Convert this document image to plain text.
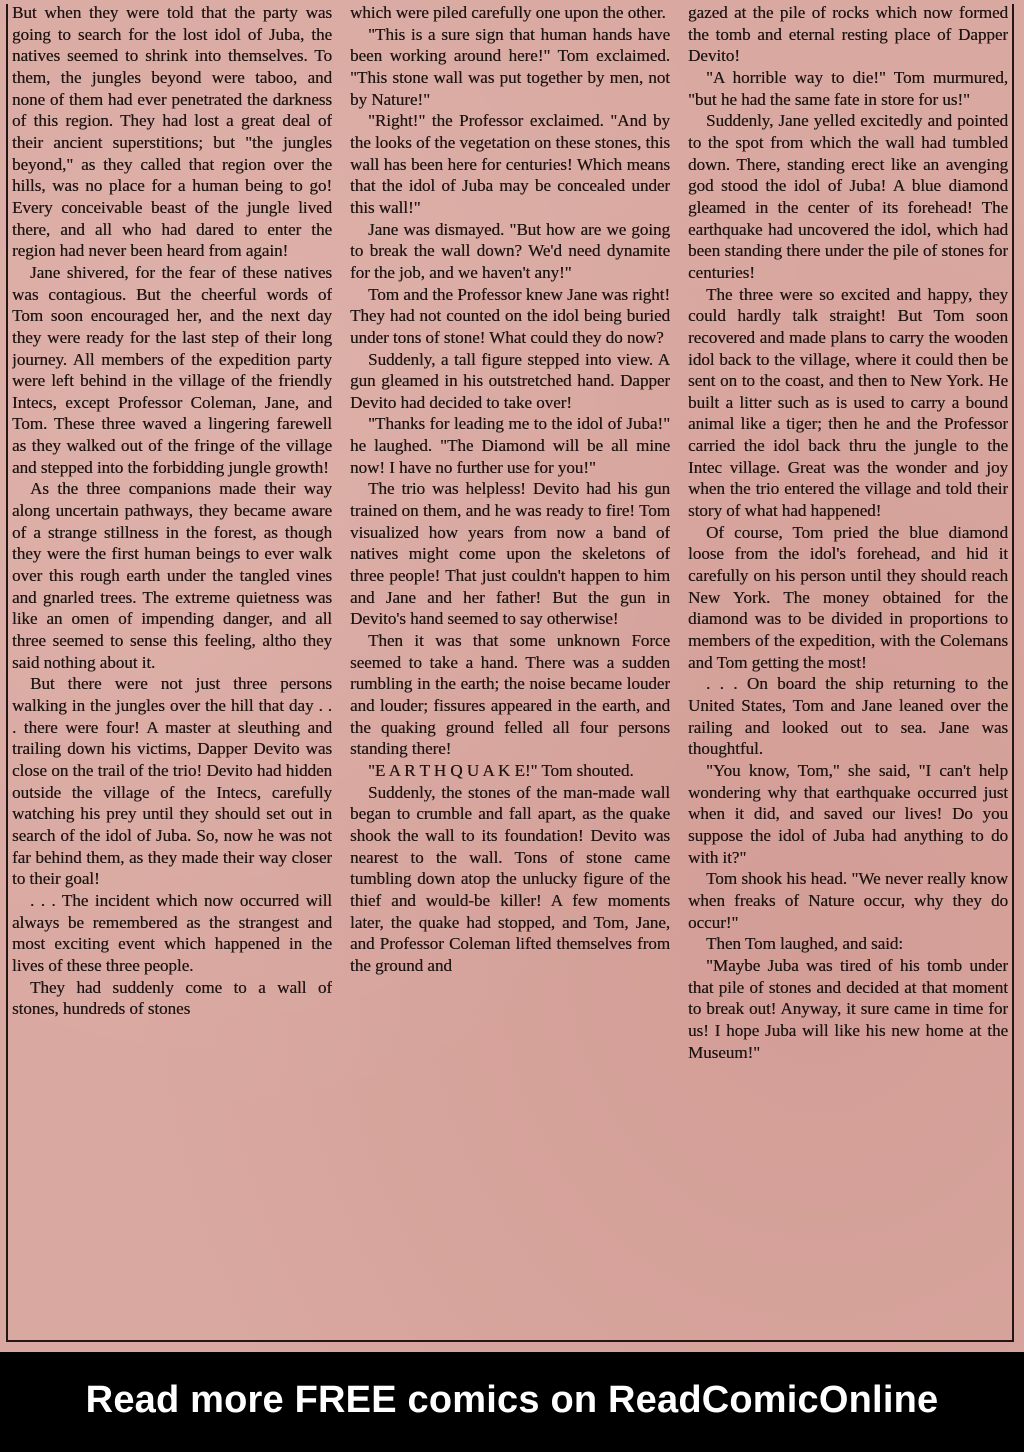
But when they were told that the party was going to search for the lost idol of Juba, the natives seemed to shrink into themselves. To them, the jungles beyond were taboo, and none of them had ever penetrated the darkness of this region. They had lost a great deal of their ancient superstitions; but "the jungles beyond," as they called that region over the hills, was no place for a human being to go! Every conceivable beast of the jungle lived there, and all who had dared to enter the region had never been heard from again!

Jane shivered, for the fear of these natives was contagious. But the cheerful words of Tom soon encouraged her, and the next day they were ready for the last step of their long journey. All members of the expedition party were left behind in the village of the friendly Intecs, except Professor Coleman, Jane, and Tom. These three waved a lingering farewell as they walked out of the fringe of the village and stepped into the forbidding jungle growth!

As the three companions made their way along uncertain pathways, they became aware of a strange stillness in the forest, as though they were the first human beings to ever walk over this rough earth under the tangled vines and gnarled trees. The extreme quietness was like an omen of impending danger, and all three seemed to sense this feeling, altho they said nothing about it.

But there were not just three persons walking in the jungles over the hill that day . . . there were four! A master at sleuthing and trailing down his victims, Dapper Devito was close on the trail of the trio! Devito had hidden outside the village of the Intecs, carefully watching his prey until they should set out in search of the idol of Juba. So, now he was not far behind them, as they made their way closer to their goal!

. . . The incident which now occurred will always be remembered as the strangest and most exciting event which happened in the lives of these three people.

They had suddenly come to a wall of stones, hundreds of stones

which were piled carefully one upon the other.

"This is a sure sign that human hands have been working around here!" Tom exclaimed. "This stone wall was put together by men, not by Nature!"

"Right!" the Professor exclaimed. "And by the looks of the vegetation on these stones, this wall has been here for centuries! Which means that the idol of Juba may be concealed under this wall!"

Jane was dismayed. "But how are we going to break the wall down? We'd need dynamite for the job, and we haven't any!"

Tom and the Professor knew Jane was right! They had not counted on the idol being buried under tons of stone! What could they do now?

Suddenly, a tall figure stepped into view. A gun gleamed in his outstretched hand. Dapper Devito had decided to take over!

"Thanks for leading me to the idol of Juba!" he laughed. "The Diamond will be all mine now! I have no further use for you!"

The trio was helpless! Devito had his gun trained on them, and he was ready to fire! Tom visualized how years from now a band of natives might come upon the skeletons of three people! That just couldn't happen to him and Jane and her father! But the gun in Devito's hand seemed to say otherwise!

Then it was that some unknown Force seemed to take a hand. There was a sudden rumbling in the earth; the noise became louder and louder; fissures appeared in the earth, and the quaking ground felled all four persons standing there!

"E A R T H Q U A K E!" Tom shouted.

Suddenly, the stones of the man-made wall began to crumble and fall apart, as the quake shook the wall to its foundation! Devito was nearest to the wall. Tons of stone came tumbling down atop the unlucky figure of the thief and would-be killer! A few moments later, the quake had stopped, and Tom, Jane, and Professor Coleman lifted themselves from the ground and

gazed at the pile of rocks which now formed the tomb and eternal resting place of Dapper Devito!

"A horrible way to die!" Tom murmured, "but he had the same fate in store for us!"

Suddenly, Jane yelled excitedly and pointed to the spot from which the wall had tumbled down. There, standing erect like an avenging god stood the idol of Juba! A blue diamond gleamed in the center of its forehead! The earthquake had uncovered the idol, which had been standing there under the pile of stones for centuries!

The three were so excited and happy, they could hardly talk straight! But Tom soon recovered and made plans to carry the wooden idol back to the village, where it could then be sent on to the coast, and then to New York. He built a litter such as is used to carry a bound animal like a tiger; then he and the Professor carried the idol back thru the jungle to the Intec village. Great was the wonder and joy when the trio entered the village and told their story of what had happened!

Of course, Tom pried the blue diamond loose from the idol's forehead, and hid it carefully on his person until they should reach New York. The money obtained for the diamond was to be divided in proportions to members of the expedition, with the Colemans and Tom getting the most!

. . . On board the ship returning to the United States, Tom and Jane leaned over the railing and looked out to sea. Jane was thoughtful.

"You know, Tom," she said, "I can't help wondering why that earthquake occurred just when it did, and saved our lives! Do you suppose the idol of Juba had anything to do with it?"

Tom shook his head. "We never really know when freaks of Nature occur, why they do occur!"

Then Tom laughed, and said:

"Maybe Juba was tired of his tomb under that pile of stones and decided at that moment to break out! Anyway, it sure came in time for us! I hope Juba will like his new home at the Museum!"

Read more FREE comics on ReadComicOnline
